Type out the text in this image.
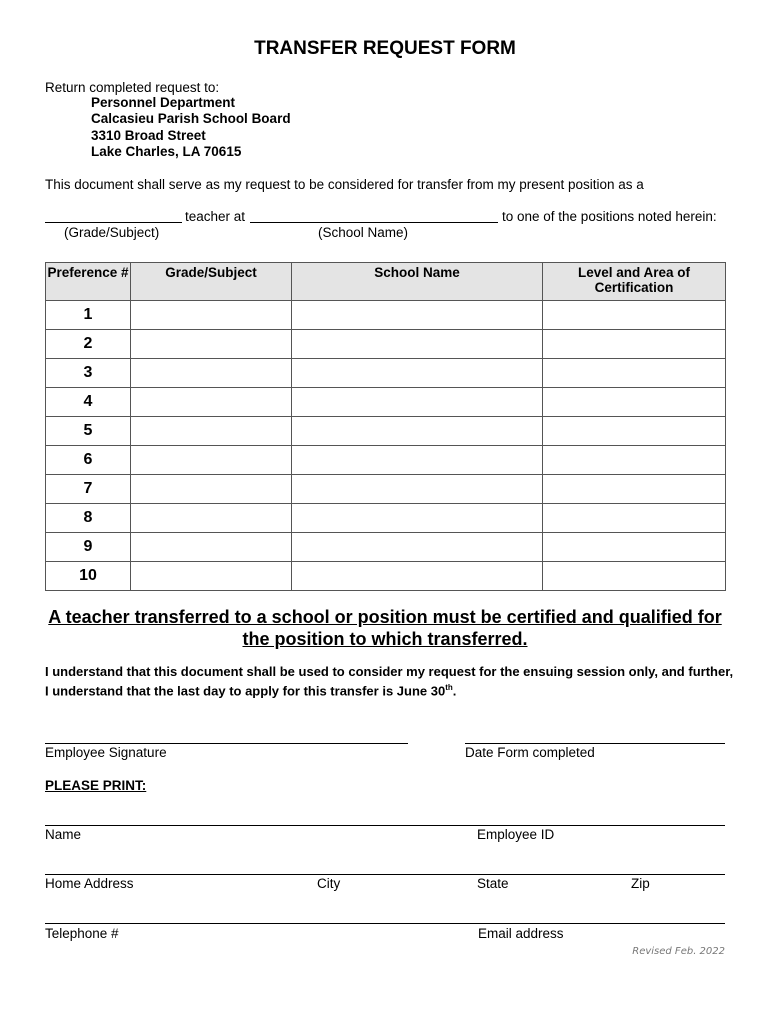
TRANSFER REQUEST FORM
Return completed request to:
Personnel Department
Calcasieu Parish School Board
3310 Broad Street
Lake Charles, LA 70615
This document shall serve as my request to be considered for transfer from my present position as a
teacher at	to one of the positions noted herein:
(Grade/Subject)	(School Name)
Preference #	Grade/Subject	School Name	Level and Area of Certification
1			
2			
3			
4			
5			
6			
7			
8			
9			
10			
A teacher transferred to a school or position must be certified and qualified for the position to which transferred.
I understand that this document shall be used to consider my request for the ensuing session only, and further, I understand that the last day to apply for this transfer is June 30th.
Employee Signature	Date Form completed
PLEASE PRINT:
Name	Employee ID
Home Address	City	State	Zip
Telephone #	Email address
Revised Feb. 2022
